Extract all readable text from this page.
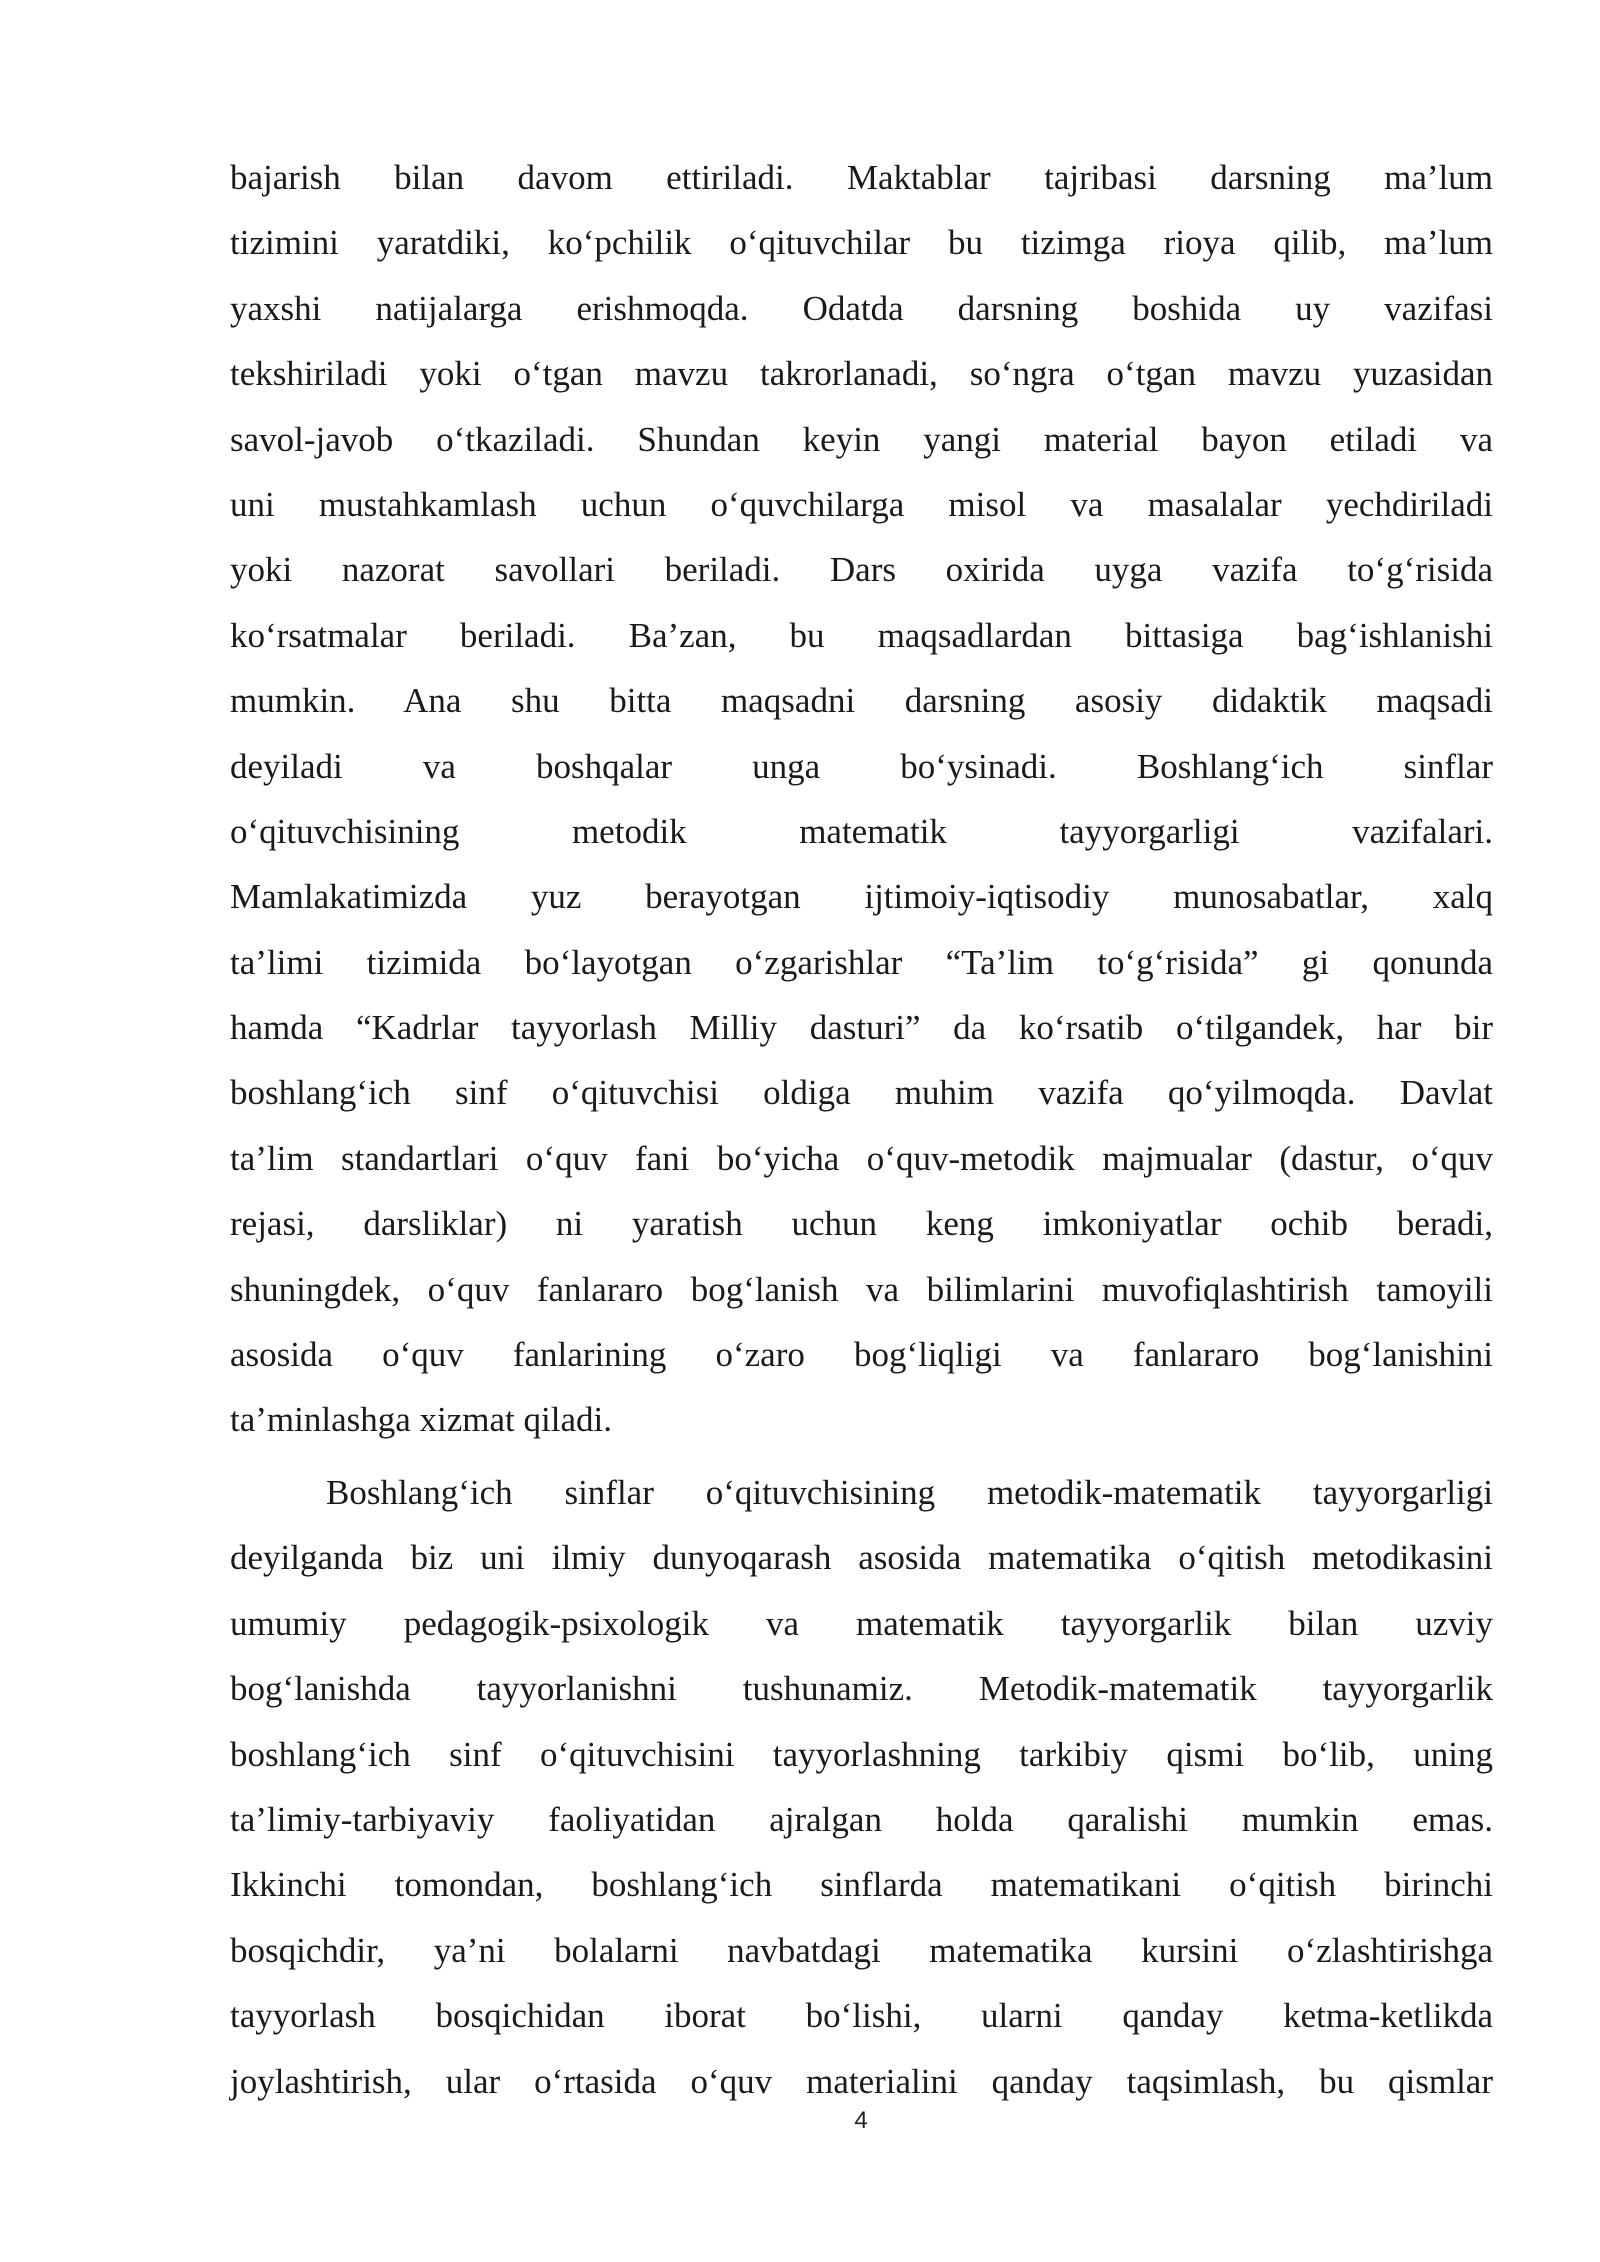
bajarish bilan davom ettiriladi. Maktablar tajribasi darsning ma’lum
tizimini yaratdiki, ko‘pchilik o‘qituvchilar bu tizimga rioya qilib, ma’lum
yaxshi natijalarga erishmoqda. Odatda darsning boshida uy vazifasi
tekshiriladi yoki o‘tgan mavzu takrorlanadi, so‘ngra o‘tgan mavzu yuzasidan
savol-javob o‘tkaziladi. Shundan keyin yangi material bayon etiladi va
uni mustahkamlash uchun o‘quvchilarga misol va masalalar yechdiriladi
yoki nazorat savollari beriladi. Dars oxirida uyga vazifa to‘g‘risida
ko‘rsatmalar beriladi. Ba’zan, bu maqsadlardan bittasiga bag‘ishlanishi
mumkin. Ana shu bitta maqsadni darsning asosiy didaktik maqsadi
deyiladi va boshqalar unga bo‘ysinadi. Boshlang‘ich sinflar
o‘qituvchisining metodik matematik tayyorgarligi vazifalari.
Mamlakatimizda yuz berayotgan ijtimoiy-iqtisodiy munosabatlar, xalq
ta’limi tizimida bo‘layotgan o‘zgarishlar “Ta’lim to‘g‘risida” gi qonunda
hamda “Kadrlar tayyorlash Milliy dasturi” da ko‘rsatib o‘tilgandek, har bir
boshlang‘ich sinf o‘qituvchisi oldiga muhim vazifa qo‘yilmoqda. Davlat
ta’lim standartlari o‘quv fani bo‘yicha o‘quv-metodik majmualar (dastur, o‘quv
rejasi, darsliklar) ni yaratish uchun keng imkoniyatlar ochib beradi,
shuningdek, o‘quv fanlararo bog‘lanish va bilimlarini muvofiqlashtirish tamoyili
asosida o‘quv fanlarining o‘zaro bog‘liqligi va fanlararo bog‘lanishini
ta’minlashga xizmat qiladi.
Boshlang‘ich sinflar o‘qituvchisining metodik-matematik tayyorgarligi
deyilganda biz uni ilmiy dunyoqarash asosida matematika o‘qitish metodikasini
umumiy pedagogik-psixologik va matematik tayyorgarlik bilan uzviy
bog‘lanishda tayyorlanishni tushunamiz. Metodik-matematik tayyorgarlik
boshlang‘ich sinf o‘qituvchisini tayyorlashning tarkibiy qismi bo‘lib, uning
ta’limiy-tarbiyaviy faoliyatidan ajralgan holda qaralishi mumkin emas.
Ikkinchi tomondan, boshlang‘ich sinflarda matematikani o‘qitish birinchi
bosqichdir, ya’ni bolalarni navbatdagi matematika kursini o‘zlashtirishga
tayyorlash bosqichidan iborat bo‘lishi, ularni qanday ketma-ketlikda
joylashtirish, ular o‘rtasida o‘quv materialini qanday taqsimlash, bu qismlar
4
